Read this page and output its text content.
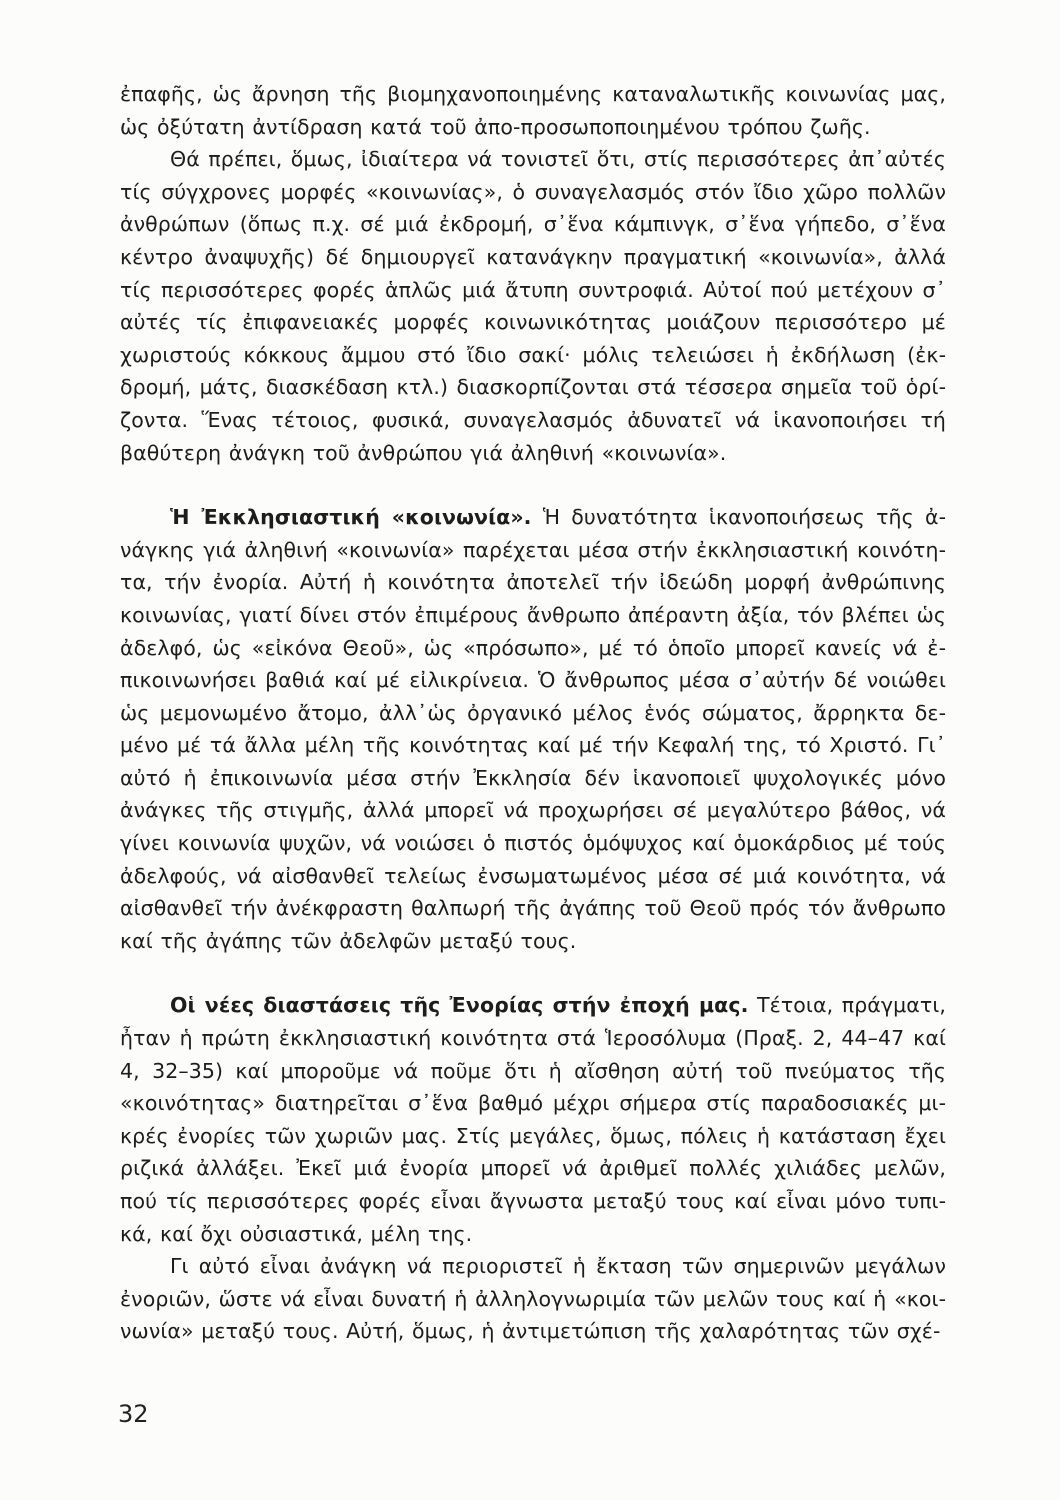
ἐπαφῆς, ὡς ἄρνηση τῆς βιομηχανοποιημένης καταναλωτικῆς κοινωνίας μας, ὡς ὀξύτατη ἀντίδραση κατά τοῦ ἀπο-προσωποποιημένου τρόπου ζωῆς.

Θά πρέπει, ὅμως, ἰδιαίτερα νά τονιστεῖ ὅτι, στίς περισσότερες ἀπ᾽αὐτές τίς σύγχρονες μορφές «κοινωνίας», ὁ συναγελασμός στόν ἴδιο χῶρο πολλῶν ἀνθρώπων (ὅπως π.χ. σέ μιά ἐκδρομή, σ᾽ἕνα κάμπινγκ, σ᾽ἕνα γήπεδο, σ᾽ἕνα κέντρο ἀναψυχῆς) δέ δημιουργεῖ κατανάγκην πραγματική «κοινωνία», ἀλλά τίς περισσότερες φορές ἁπλῶς μιά ἄτυπη συντροφιά. Αὐτοί πού μετέχουν σ᾽ αὐτές τίς ἐπιφανειακές μορφές κοινωνικότητας μοιάζουν περισσότερο μέ χωριστούς κόκκους ἄμμου στό ἴδιο σακί· μόλις τελειώσει ἡ ἐκδήλωση (ἐκδρομή, μάτς, διασκέδαση κτλ.) διασκορπίζονται στά τέσσερα σημεῖα τοῦ ὁρίζοντα. Ἕνας τέτοιος, φυσικά, συναγελασμός ἀδυνατεῖ νά ἱκανοποιήσει τή βαθύτερη ἀνάγκη τοῦ ἀνθρώπου γιά ἀληθινή «κοινωνία».

Ἡ Ἐκκλησιαστική «κοινωνία». Ἡ δυνατότητα ἱκανοποιήσεως τῆς ἀνάγκης γιά ἀληθινή «κοινωνία» παρέχεται μέσα στήν ἐκκλησιαστική κοινότητα, τήν ἐνορία. Αὐτή ἡ κοινότητα ἀποτελεῖ τήν ἰδεώδη μορφή ἀνθρώπινης κοινωνίας, γιατί δίνει στόν ἐπιμέρους ἄνθρωπο ἀπέραντη ἀξία, τόν βλέπει ὡς ἀδελφό, ὡς «εἰκόνα Θεοῦ», ὡς «πρόσωπο», μέ τό ὁποῖο μπορεῖ κανείς νά ἐπικοινωνήσει βαθιά καί μέ εἰλικρίνεια. Ὁ ἄνθρωπος μέσα σ᾽αὐτήν δέ νοιώθει ὡς μεμονωμένο ἄτομο, ἀλλ᾽ὡς ὀργανικό μέλος ἑνός σώματος, ἄρρηκτα δεμένο μέ τά ἄλλα μέλη τῆς κοινότητας καί μέ τήν Κεφαλή της, τό Χριστό. Γι᾽ αὐτό ἡ ἐπικοινωνία μέσα στήν Ἐκκλησία δέν ἱκανοποιεῖ ψυχολογικές μόνο ἀνάγκες τῆς στιγμῆς, ἀλλά μπορεῖ νά προχωρήσει σέ μεγαλύτερο βάθος, νά γίνει κοινωνία ψυχῶν, νά νοιώσει ὁ πιστός ὁμόψυχος καί ὁμοκάρδιος μέ τούς ἀδελφούς, νά αἰσθανθεῖ τελείως ἐνσωματωμένος μέσα σέ μιά κοινότητα, νά αἰσθανθεῖ τήν ἀνέκφραστη θαλπωρή τῆς ἀγάπης τοῦ Θεοῦ πρός τόν ἄνθρωπο καί τῆς ἀγάπης τῶν ἀδελφῶν μεταξύ τους.

Οἱ νέες διαστάσεις τῆς Ἐνορίας στήν ἐποχή μας. Τέτοια, πράγματι, ἦταν ἡ πρώτη ἐκκλησιαστική κοινότητα στά Ἱεροσόλυμα (Πραξ. 2, 44–47 καί 4, 32–35) καί μποροῦμε νά ποῦμε ὅτι ἡ αἴσθηση αὐτή τοῦ πνεύματος τῆς «κοινότητας» διατηρεῖται σ᾽ἕνα βαθμό μέχρι σήμερα στίς παραδοσιακές μικρές ἐνορίες τῶν χωριῶν μας. Στίς μεγάλες, ὅμως, πόλεις ἡ κατάσταση ἔχει ριζικά ἀλλάξει. Ἐκεῖ μιά ἐνορία μπορεῖ νά ἀριθμεῖ πολλές χιλιάδες μελῶν, πού τίς περισσότερες φορές εἶναι ἄγνωστα μεταξύ τους καί εἶναι μόνο τυπικά, καί ὄχι οὐσιαστικά, μέλη της.

Γι αὐτό εἶναι ἀνάγκη νά περιοριστεῖ ἡ ἔκταση τῶν σημερινῶν μεγάλων ἐνοριῶν, ὥστε νά εἶναι δυνατή ἡ ἀλληλογνωριμία τῶν μελῶν τους καί ἡ «κοινωνία» μεταξύ τους. Αὐτή, ὅμως, ἡ ἀντιμετώπιση τῆς χαλαρότητας τῶν σχέ-

32
